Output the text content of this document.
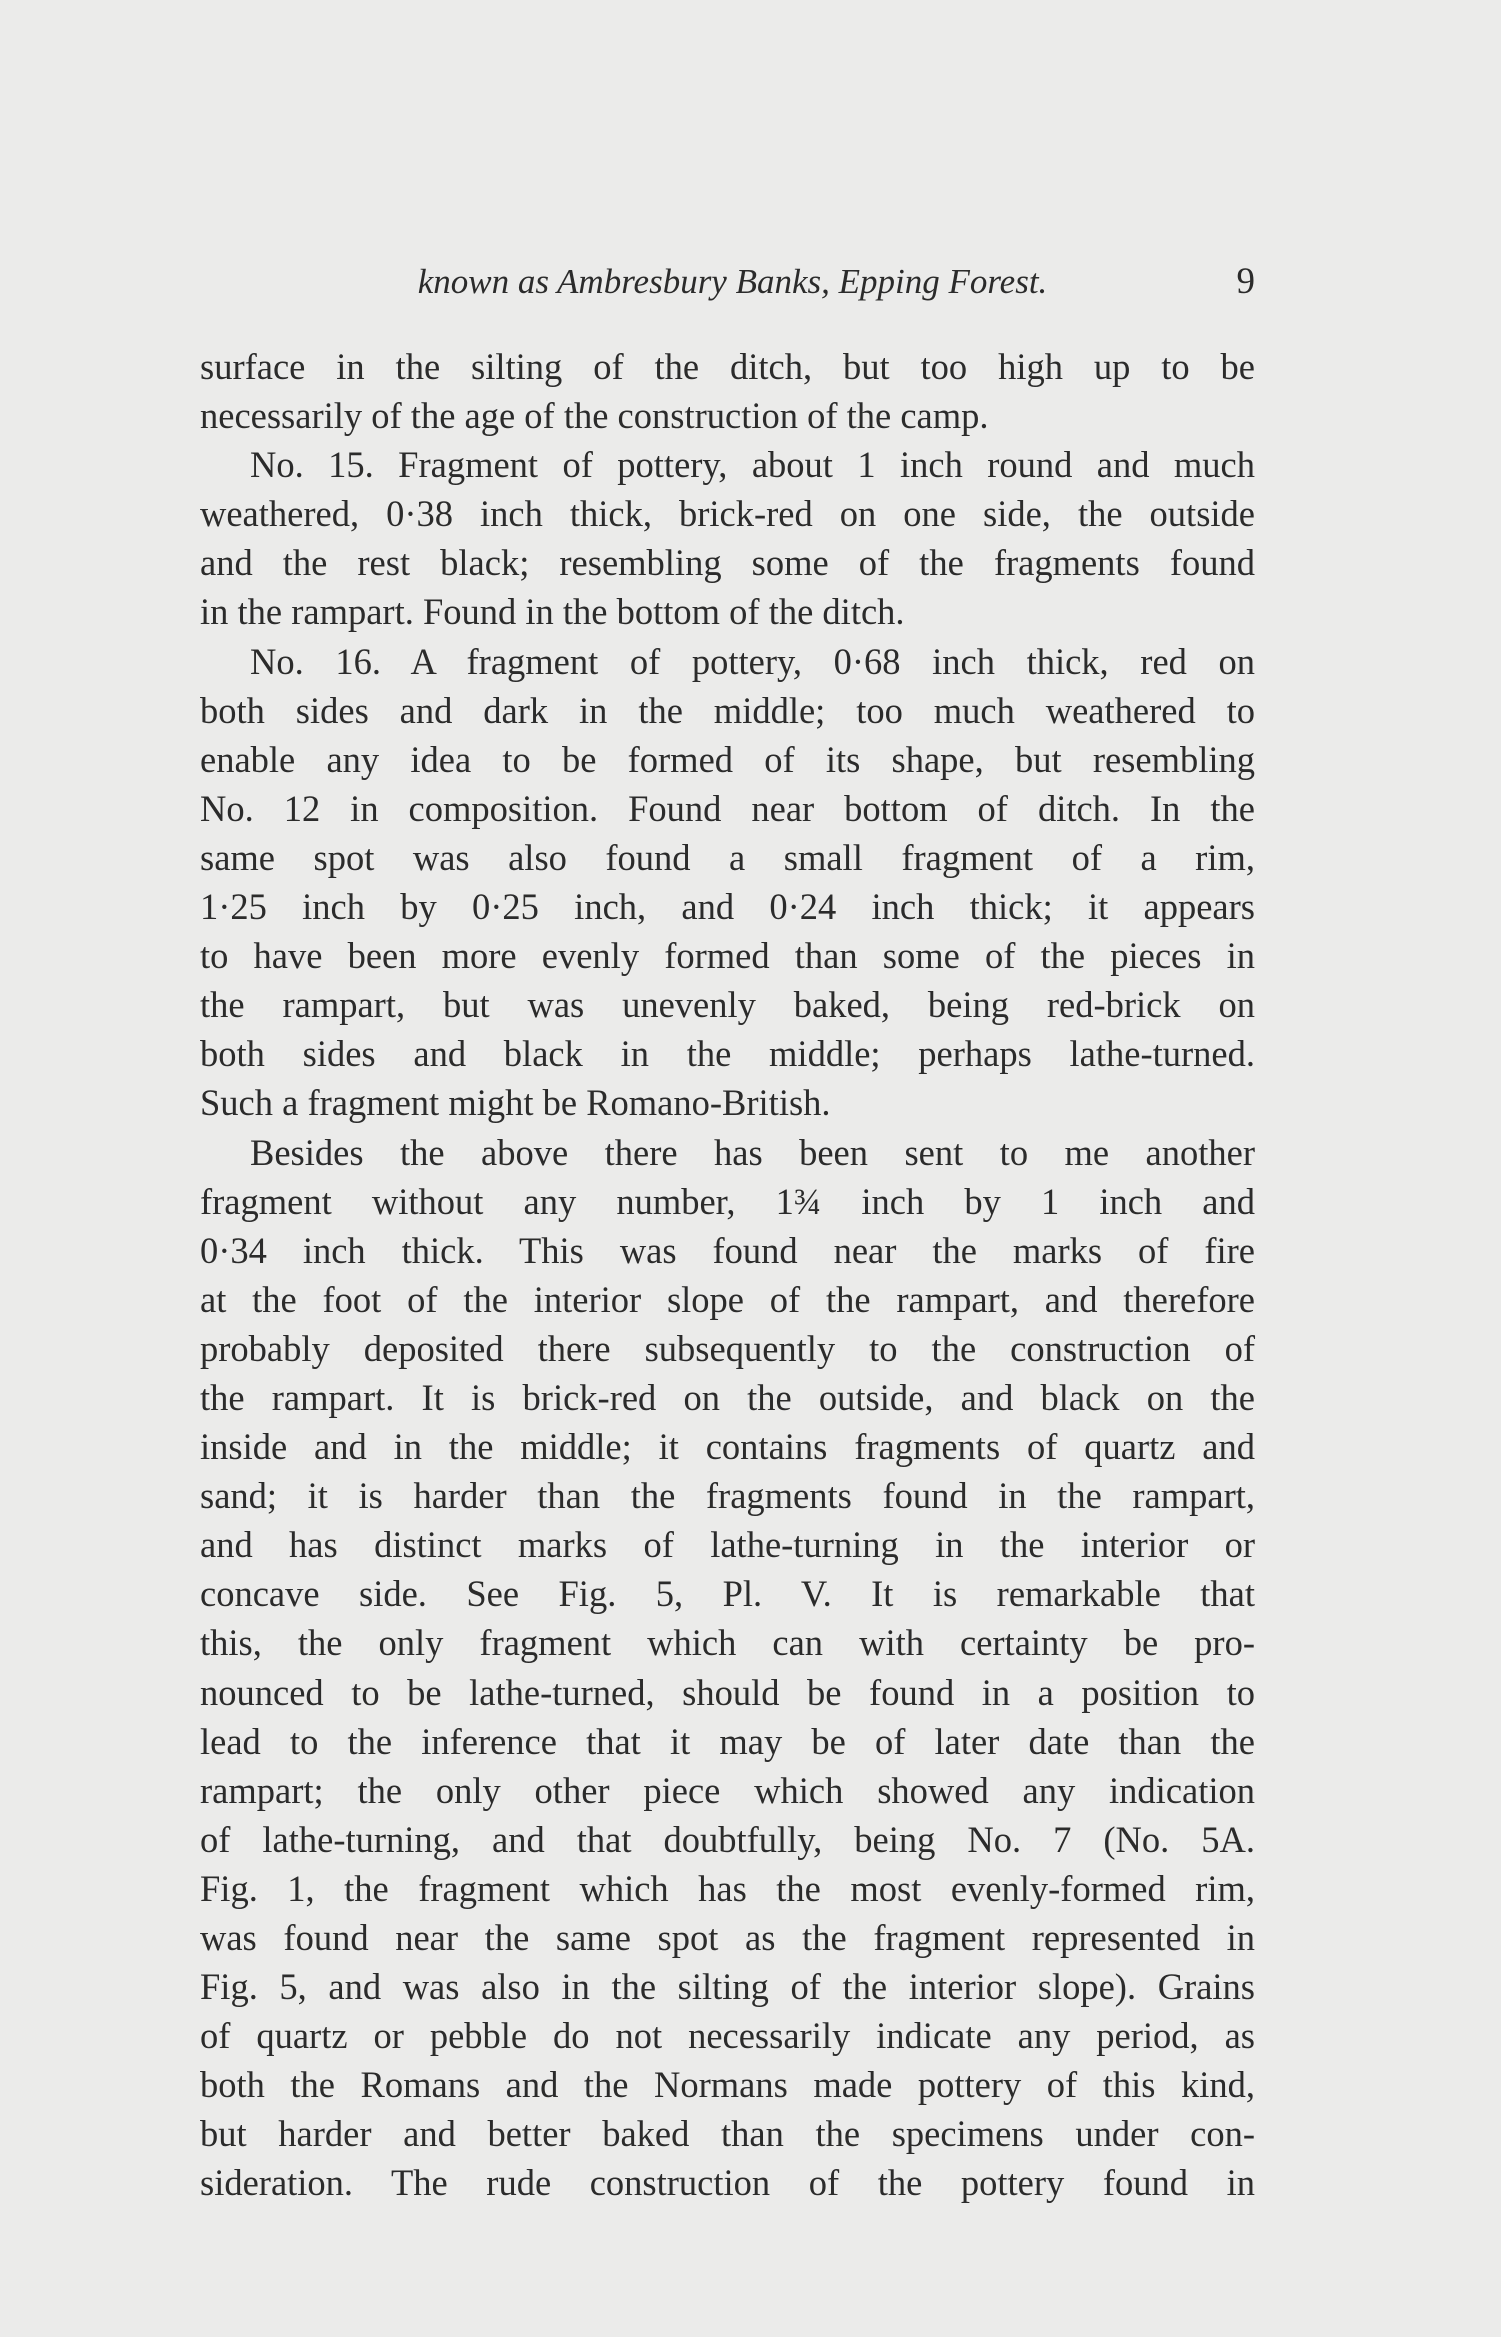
known as Ambresbury Banks, Epping Forest.	9
surface in the silting of the ditch, but too high up to be
necessarily of the age of the construction of the camp.
No. 15. Fragment of pottery, about 1 inch round and much
weathered, 0·38 inch thick, brick-red on one side, the outside
and the rest black; resembling some of the fragments found
in the rampart. Found in the bottom of the ditch.
No. 16. A fragment of pottery, 0·68 inch thick, red on
both sides and dark in the middle; too much weathered to
enable any idea to be formed of its shape, but resembling
No. 12 in composition. Found near bottom of ditch. In the
same spot was also found a small fragment of a rim,
1·25 inch by 0·25 inch, and 0·24 inch thick; it appears
to have been more evenly formed than some of the pieces in
the rampart, but was unevenly baked, being red-brick on
both sides and black in the middle; perhaps lathe-turned.
Such a fragment might be Romano-British.
Besides the above there has been sent to me another
fragment without any number, 1¾ inch by 1 inch and
0·34 inch thick. This was found near the marks of fire
at the foot of the interior slope of the rampart, and therefore
probably deposited there subsequently to the construction of
the rampart. It is brick-red on the outside, and black on the
inside and in the middle; it contains fragments of quartz and
sand; it is harder than the fragments found in the rampart,
and has distinct marks of lathe-turning in the interior or
concave side. See Fig. 5, Pl. V. It is remarkable that
this, the only fragment which can with certainty be pro-
nounced to be lathe-turned, should be found in a position to
lead to the inference that it may be of later date than the
rampart; the only other piece which showed any indication
of lathe-turning, and that doubtfully, being No. 7 (No. 5A.
Fig. 1, the fragment which has the most evenly-formed rim,
was found near the same spot as the fragment represented in
Fig. 5, and was also in the silting of the interior slope). Grains
of quartz or pebble do not necessarily indicate any period, as
both the Romans and the Normans made pottery of this kind,
but harder and better baked than the specimens under con-
sideration. The rude construction of the pottery found in
